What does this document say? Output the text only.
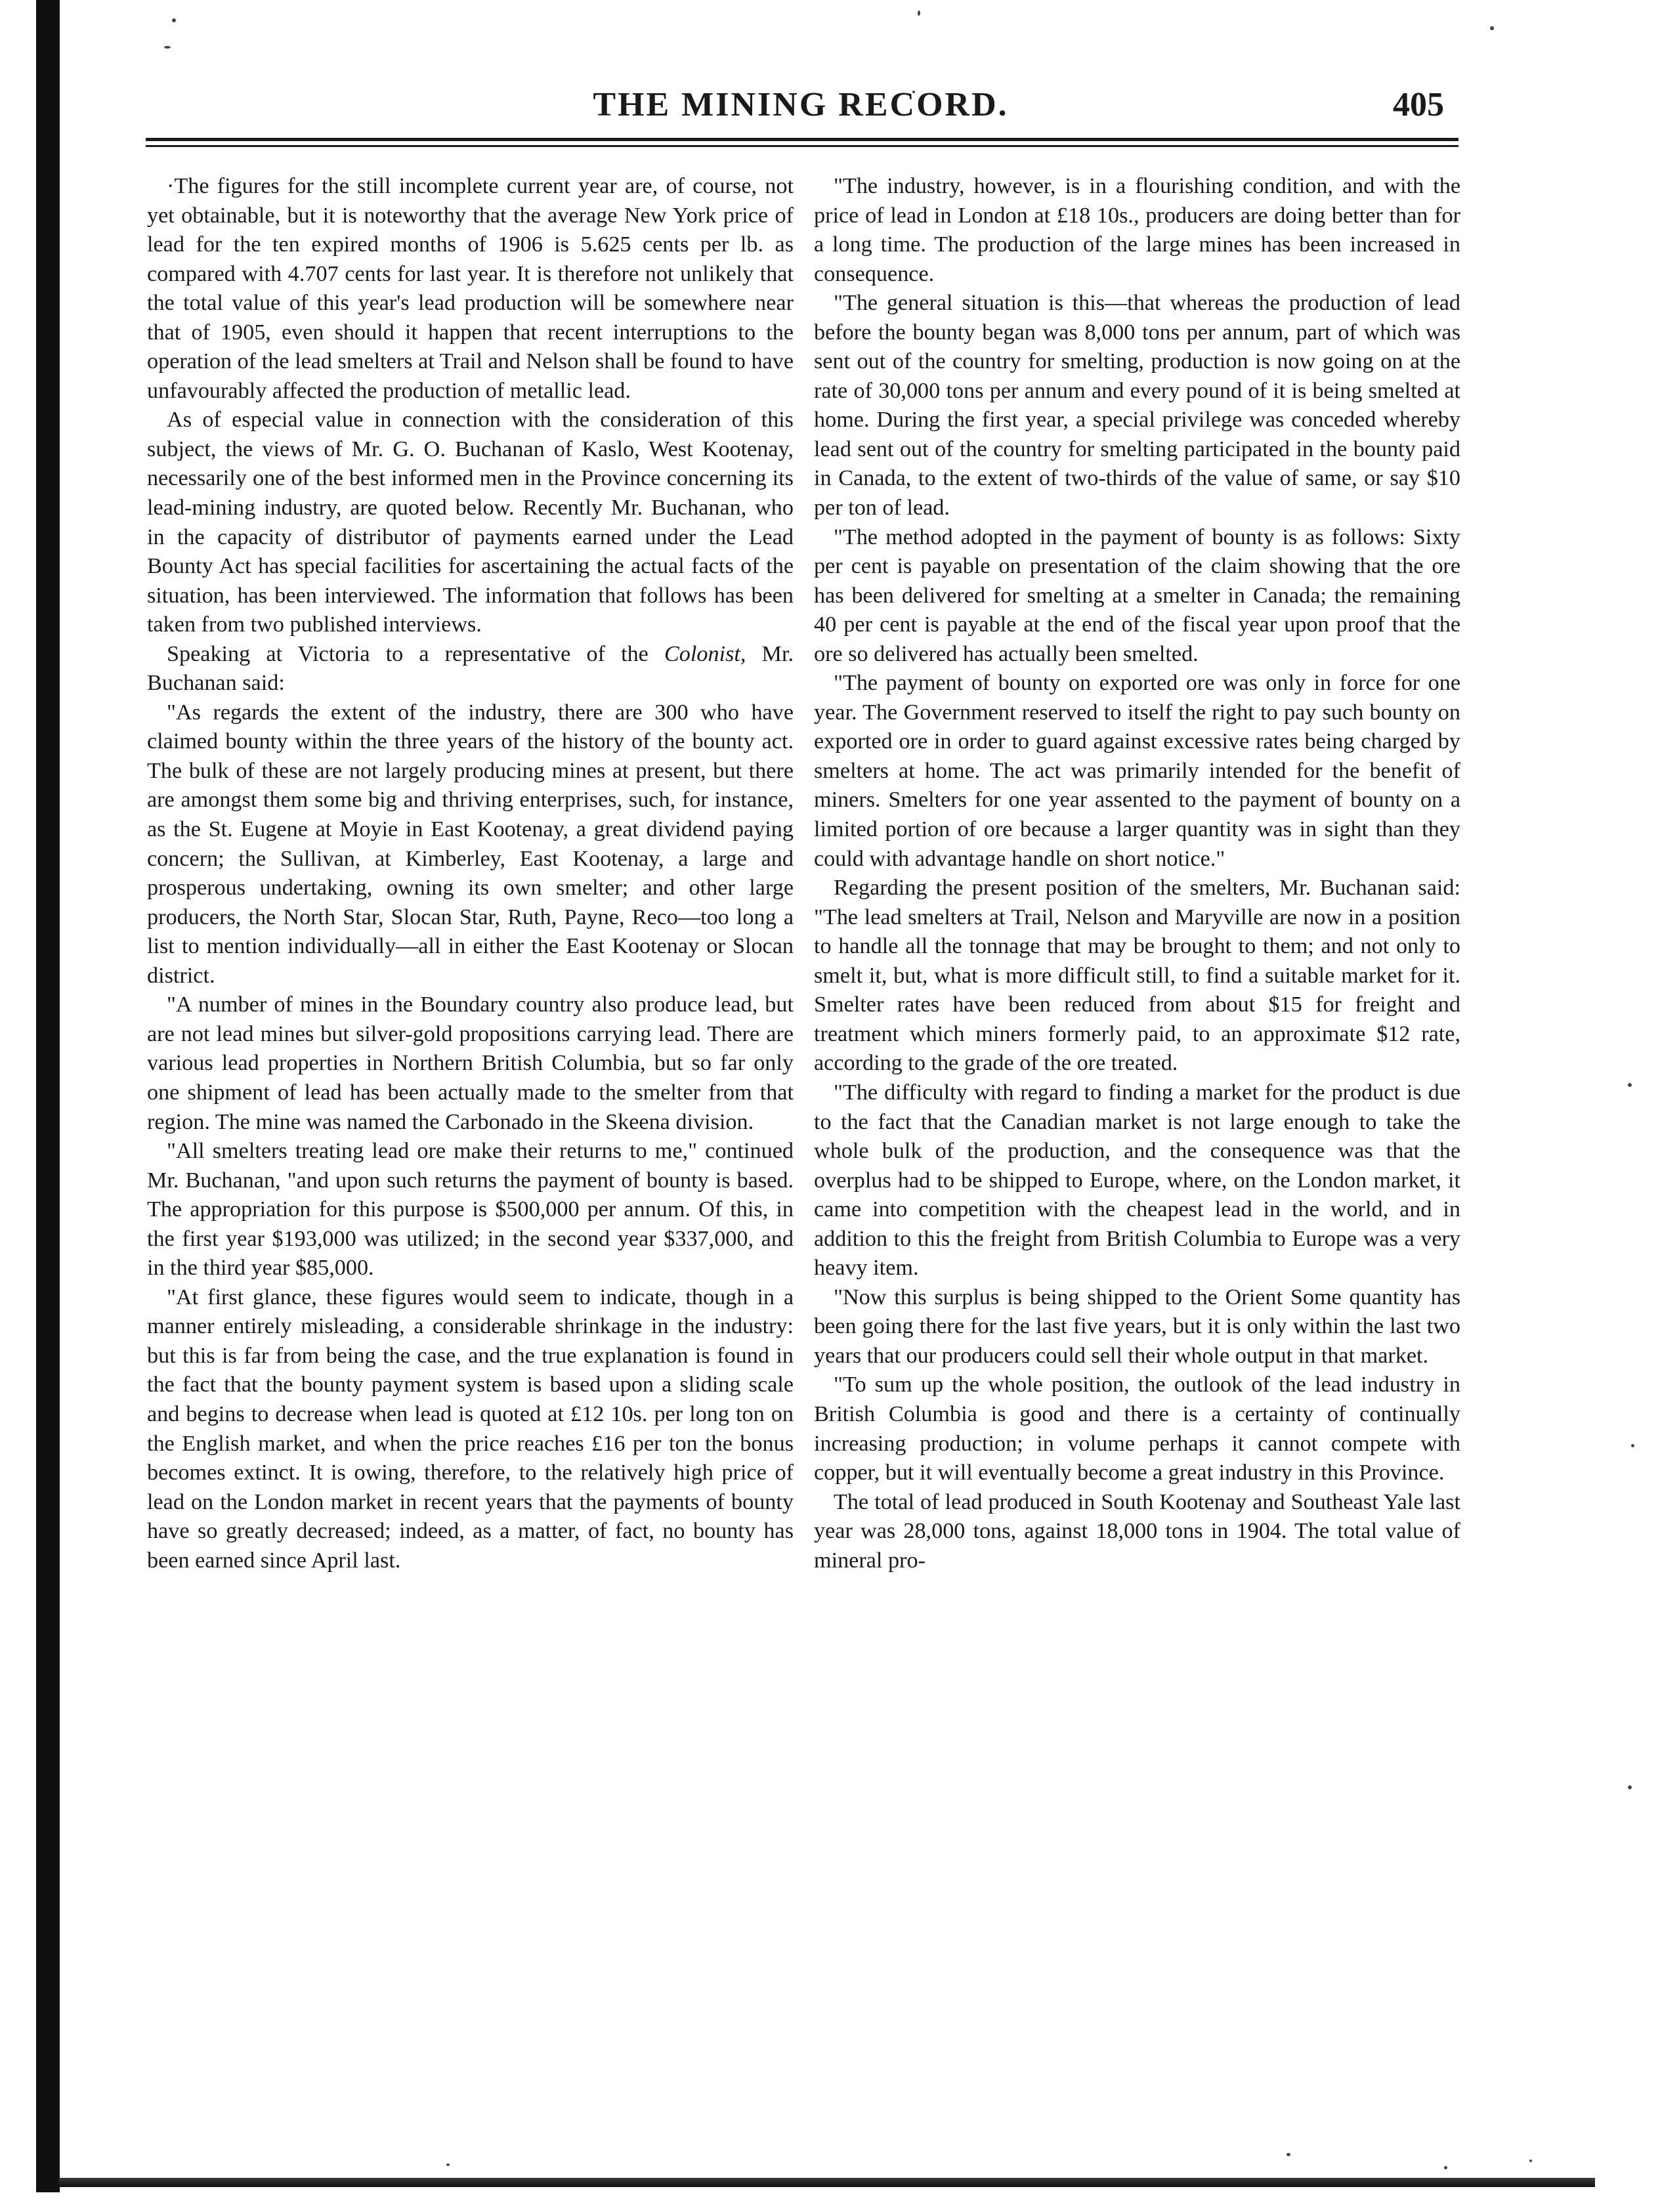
THE MINING RECORD.	405

·The figures for the still incomplete current year are, of course, not yet obtainable, but it is noteworthy that the average New York price of lead for the ten expired months of 1906 is 5.625 cents per lb. as compared with 4.707 cents for last year. It is therefore not unlikely that the total value of this year's lead production will be somewhere near that of 1905, even should it happen that recent interruptions to the operation of the lead smelters at Trail and Nelson shall be found to have unfavourably affected the production of metallic lead.

As of especial value in connection with the consideration of this subject, the views of Mr. G. O. Buchanan of Kaslo, West Kootenay, necessarily one of the best informed men in the Province concerning its lead-mining industry, are quoted below. Recently Mr. Buchanan, who in the capacity of distributor of payments earned under the Lead Bounty Act has special facilities for ascertaining the actual facts of the situation, has been interviewed. The information that follows has been taken from two published interviews.

Speaking at Victoria to a representative of the Colonist, Mr. Buchanan said:

"As regards the extent of the industry, there are 300 who have claimed bounty within the three years of the history of the bounty act. The bulk of these are not largely producing mines at present, but there are amongst them some big and thriving enterprises, such, for instance, as the St. Eugene at Moyie in East Kootenay, a great dividend paying concern; the Sullivan, at Kimberley, East Kootenay, a large and prosperous undertaking, owning its own smelter; and other large producers, the North Star, Slocan Star, Ruth, Payne, Reco—too long a list to mention individually—all in either the East Kootenay or Slocan district.

"A number of mines in the Boundary country also produce lead, but are not lead mines but silver-gold propositions carrying lead. There are various lead properties in Northern British Columbia, but so far only one shipment of lead has been actually made to the smelter from that region. The mine was named the Carbonado in the Skeena division.

"All smelters treating lead ore make their returns to me," continued Mr. Buchanan, "and upon such returns the payment of bounty is based. The appropriation for this purpose is $500,000 per annum. Of this, in the first year $193,000 was utilized; in the second year $337,000, and in the third year $85,000.

"At first glance, these figures would seem to indicate, though in a manner entirely misleading, a considerable shrinkage in the industry: but this is far from being the case, and the true explanation is found in the fact that the bounty payment system is based upon a sliding scale and begins to decrease when lead is quoted at £12 10s. per long ton on the English market, and when the price reaches £16 per ton the bonus becomes extinct. It is owing, therefore, to the relatively high price of lead on the London market in recent years that the payments of bounty have so greatly decreased; indeed, as a matter, of fact, no bounty has been earned since April last.

"The industry, however, is in a flourishing condition, and with the price of lead in London at £18 10s., producers are doing better than for a long time. The production of the large mines has been increased in consequence.

"The general situation is this—that whereas the production of lead before the bounty began was 8,000 tons per annum, part of which was sent out of the country for smelting, production is now going on at the rate of 30,000 tons per annum and every pound of it is being smelted at home. During the first year, a special privilege was conceded whereby lead sent out of the country for smelting participated in the bounty paid in Canada, to the extent of two-thirds of the value of same, or say $10 per ton of lead.

"The method adopted in the payment of bounty is as follows: Sixty per cent is payable on presentation of the claim showing that the ore has been delivered for smelting at a smelter in Canada; the remaining 40 per cent is payable at the end of the fiscal year upon proof that the ore so delivered has actually been smelted.

"The payment of bounty on exported ore was only in force for one year. The Government reserved to itself the right to pay such bounty on exported ore in order to guard against excessive rates being charged by smelters at home. The act was primarily intended for the benefit of miners. Smelters for one year assented to the payment of bounty on a limited portion of ore because a larger quantity was in sight than they could with advantage handle on short notice."

Regarding the present position of the smelters, Mr. Buchanan said: "The lead smelters at Trail, Nelson and Maryville are now in a position to handle all the tonnage that may be brought to them; and not only to smelt it, but, what is more difficult still, to find a suitable market for it. Smelter rates have been reduced from about $15 for freight and treatment which miners formerly paid, to an approximate $12 rate, according to the grade of the ore treated.

"The difficulty with regard to finding a market for the product is due to the fact that the Canadian market is not large enough to take the whole bulk of the production, and the consequence was that the overplus had to be shipped to Europe, where, on the London market, it came into competition with the cheapest lead in the world, and in addition to this the freight from British Columbia to Europe was a very heavy item.

"Now this surplus is being shipped to the Orient Some quantity has been going there for the last five years, but it is only within the last two years that our producers could sell their whole output in that market.

"To sum up the whole position, the outlook of the lead industry in British Columbia is good and there is a certainty of continually increasing production; in volume perhaps it cannot compete with copper, but it will eventually become a great industry in this Province.

The total of lead produced in South Kootenay and Southeast Yale last year was 28,000 tons, against 18,000 tons in 1904. The total value of mineral pro-
